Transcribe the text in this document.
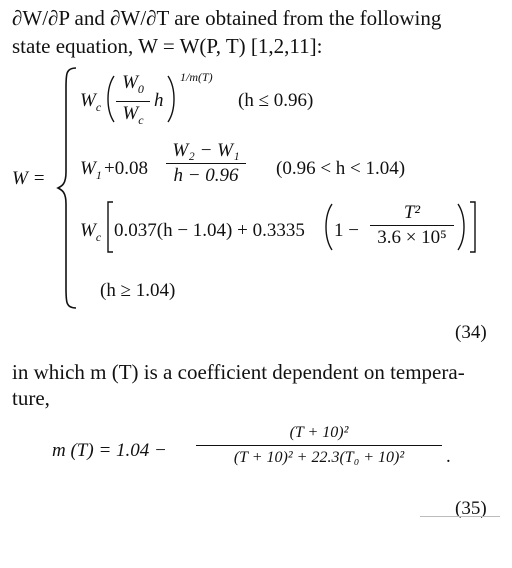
∂W/∂P and ∂W/∂T are obtained from the following
state equation, W = W(P, T) [1,2,11]:
W =
$W_c$
$W_0$
$W_c$
h
1/m(T)
(h ≤ 0.96)
$W_1 +0.08$
W₂ − W₁
h − 0.96	(0.96 < h < 1.04)
$W_c$ 0.037(h − 1.04) + 0.3335 1 −
T²
3.6 × 10⁵
(h ≥ 1.04)
(34)
in which m (T) is a coefficient dependent on tempera-
ture,
m (T) = 1.04 −
(T + 10)²
(T + 10)² + 22.3(T₀ + 10)²	.
(35)
